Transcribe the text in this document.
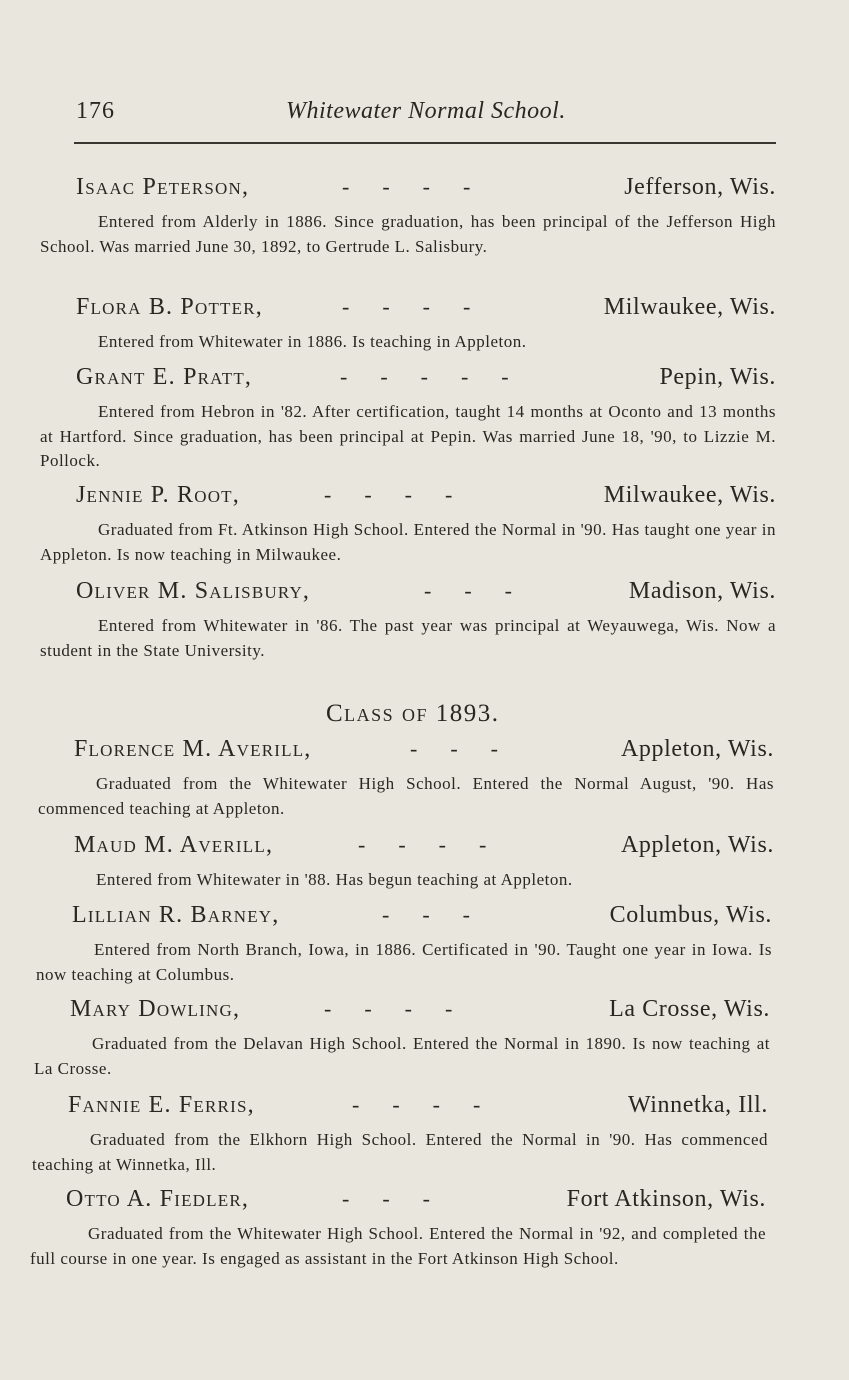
176	Whitewater Normal School.
Isaac Peterson,	-      -      -      -	Jefferson, Wis.

Entered from Alderly in 1886. Since graduation, has been principal of the Jefferson High School. Was married June 30, 1892, to Gertrude L. Salisbury.

Flora B. Potter,	-      -      -      -	Milwaukee, Wis.

Entered from Whitewater in 1886. Is teaching in Appleton.

Grant E. Pratt,	-      -      -      -      -	Pepin, Wis.

Entered from Hebron in '82. After certification, taught 14 months at Oconto and 13 months at Hartford. Since graduation, has been principal at Pepin. Was married June 18, '90, to Lizzie M. Pollock.

Jennie P. Root,	-      -      -      -	Milwaukee, Wis.

Graduated from Ft. Atkinson High School. Entered the Normal in '90. Has taught one year in Appleton. Is now teaching in Milwaukee.

Oliver M. Salisbury,	-      -      -	Madison, Wis.

Entered from Whitewater in '86. The past year was principal at Weyauwega, Wis. Now a student in the State University.

Class of 1893.
Florence M. Averill,	-      -      -	Appleton, Wis.

Graduated from the Whitewater High School. Entered the Normal August, '90. Has commenced teaching at Appleton.

Maud M. Averill,	-      -      -      -	Appleton, Wis.

Entered from Whitewater in '88. Has begun teaching at Appleton.

Lillian R. Barney,	-      -      -	Columbus, Wis.

Entered from North Branch, Iowa, in 1886. Certificated in '90. Taught one year in Iowa. Is now teaching at Columbus.

Mary Dowling,	-      -      -      -	La Crosse, Wis.

Graduated from the Delavan High School. Entered the Normal in 1890. Is now teaching at La Crosse.

Fannie E. Ferris,	-      -      -      -	Winnetka, Ill.

Graduated from the Elkhorn High School. Entered the Normal in '90. Has commenced teaching at Winnetka, Ill.

Otto A. Fiedler,	-      -      -	Fort Atkinson, Wis.

Graduated from the Whitewater High School. Entered the Normal in '92, and completed the full course in one year. Is engaged as assistant in the Fort Atkinson High School.
